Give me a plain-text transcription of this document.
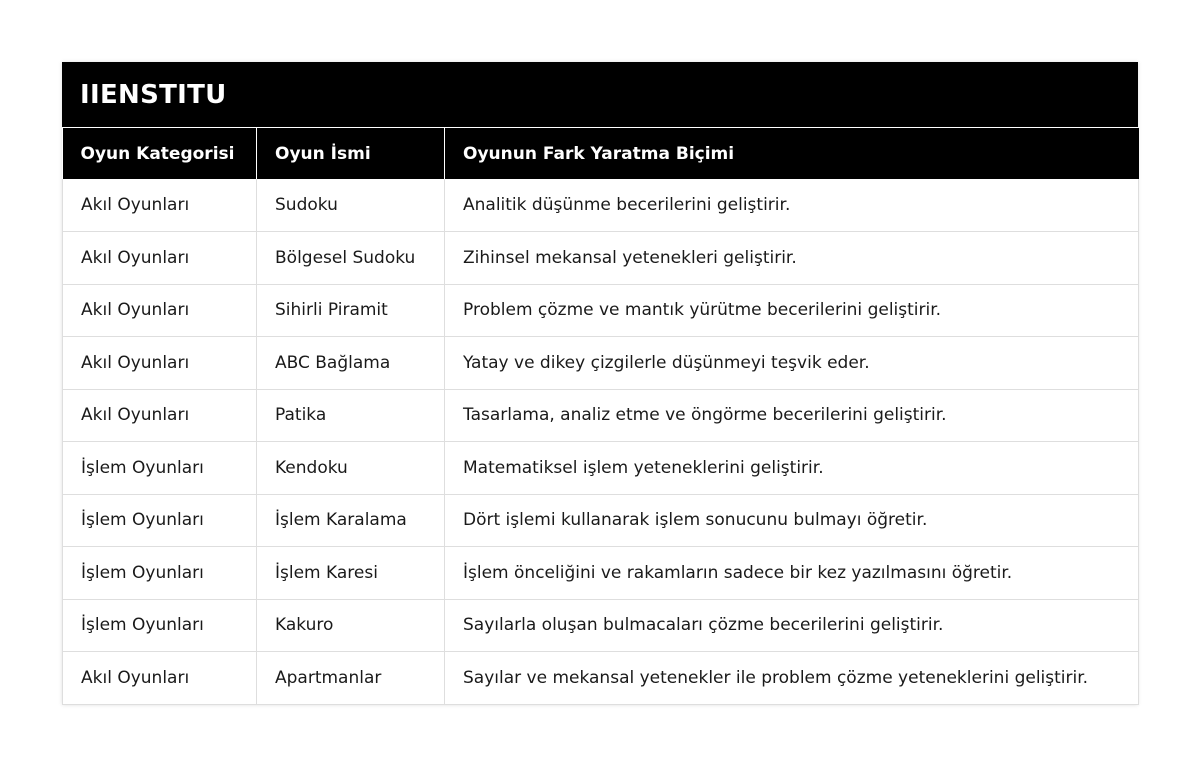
IIENSTITU
Oyun Kategorisi	Oyun İsmi	Oyunun Fark Yaratma Biçimi
Akıl Oyunları	Sudoku	Analitik düşünme becerilerini geliştirir.
Akıl Oyunları	Bölgesel Sudoku	Zihinsel mekansal yetenekleri geliştirir.
Akıl Oyunları	Sihirli Piramit	Problem çözme ve mantık yürütme becerilerini geliştirir.
Akıl Oyunları	ABC Bağlama	Yatay ve dikey çizgilerle düşünmeyi teşvik eder.
Akıl Oyunları	Patika	Tasarlama, analiz etme ve öngörme becerilerini geliştirir.
İşlem Oyunları	Kendoku	Matematiksel işlem yeteneklerini geliştirir.
İşlem Oyunları	İşlem Karalama	Dört işlemi kullanarak işlem sonucunu bulmayı öğretir.
İşlem Oyunları	İşlem Karesi	İşlem önceliğini ve rakamların sadece bir kez yazılmasını öğretir.
İşlem Oyunları	Kakuro	Sayılarla oluşan bulmacaları çözme becerilerini geliştirir.
Akıl Oyunları	Apartmanlar	Sayılar ve mekansal yetenekler ile problem çözme yeteneklerini geliştirir.
